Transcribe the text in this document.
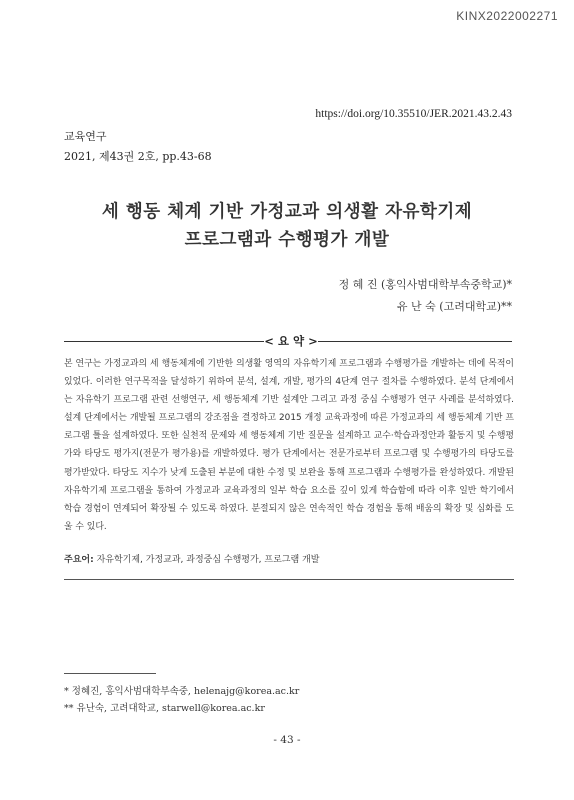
KINX2022002271
https://doi.org/10.35510/JER.2021.43.2.43
교육연구
2021, 제43권 2호, pp.43-68
세 행동 체계 기반 가정교과 의생활 자유학기제
프로그램과 수행평가 개발
정 혜 진 (홍익사범대학부속중학교)*
유 난 숙 (고려대학교)**
< 요 약 >

본 연구는 가정교과의 세 행동체계에 기반한 의생활 영역의 자유학기제 프로그램과 수행평가를 개발하는 데에 목적이 있었다. 이러한 연구목적을 달성하기 위하여 분석, 설계, 개발, 평가의 4단계 연구 절차를 수행하였다. 분석 단계에서는 자유학기 프로그램 관련 선행연구, 세 행동체계 기반 설계안 그리고 과정 중심 수행평가 연구 사례를 분석하였다. 설계 단계에서는 개발될 프로그램의 강조점을 결정하고 2015 개정 교육과정에 따른 가정교과의 세 행동체계 기반 프로그램 틀을 설계하였다. 또한 실천적 문제와 세 행동체계 기반 질문을 설계하고 교수·학습과정안과 활동지 및 수행평가와 타당도 평가지(전문가 평가용)를 개발하였다. 평가 단계에서는 전문가로부터 프로그램 및 수행평가의 타당도를 평가받았다. 타당도 지수가 낮게 도출된 부분에 대한 수정 및 보완을 통해 프로그램과 수행평가를 완성하였다. 개발된 자유학기제 프로그램을 통하여 가정교과 교육과정의 일부 학습 요소를 깊이 있게 학습함에 따라 이후 일반 학기에서 학습 경험이 연계되어 확장될 수 있도록 하였다. 분절되지 않은 연속적인 학습 경험을 통해 배움의 확장 및 심화를 도울 수 있다.

주요어: 자유학기제, 가정교과, 과정중심 수행평가, 프로그램 개발
* 정혜진, 홍익사범대학부속중, helenajg@korea.ac.kr
** 유난숙, 고려대학교, starwell@korea.ac.kr
- 43 -
